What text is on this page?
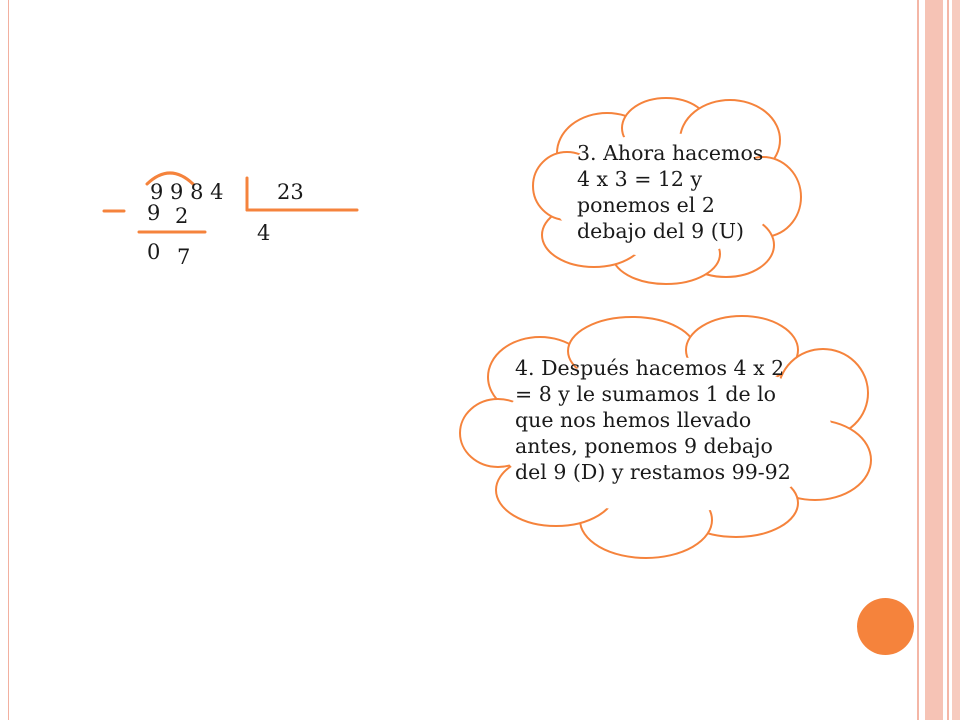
9 9 8 4	23
9 2
4
0 7
3. Ahora hacemos
4 x 3 = 12 y
ponemos el 2
debajo del 9 (U)
4. Después hacemos 4 x 2
= 8 y le sumamos 1 de lo
que nos hemos llevado
antes, ponemos 9 debajo
del 9 (D) y restamos 99-92
